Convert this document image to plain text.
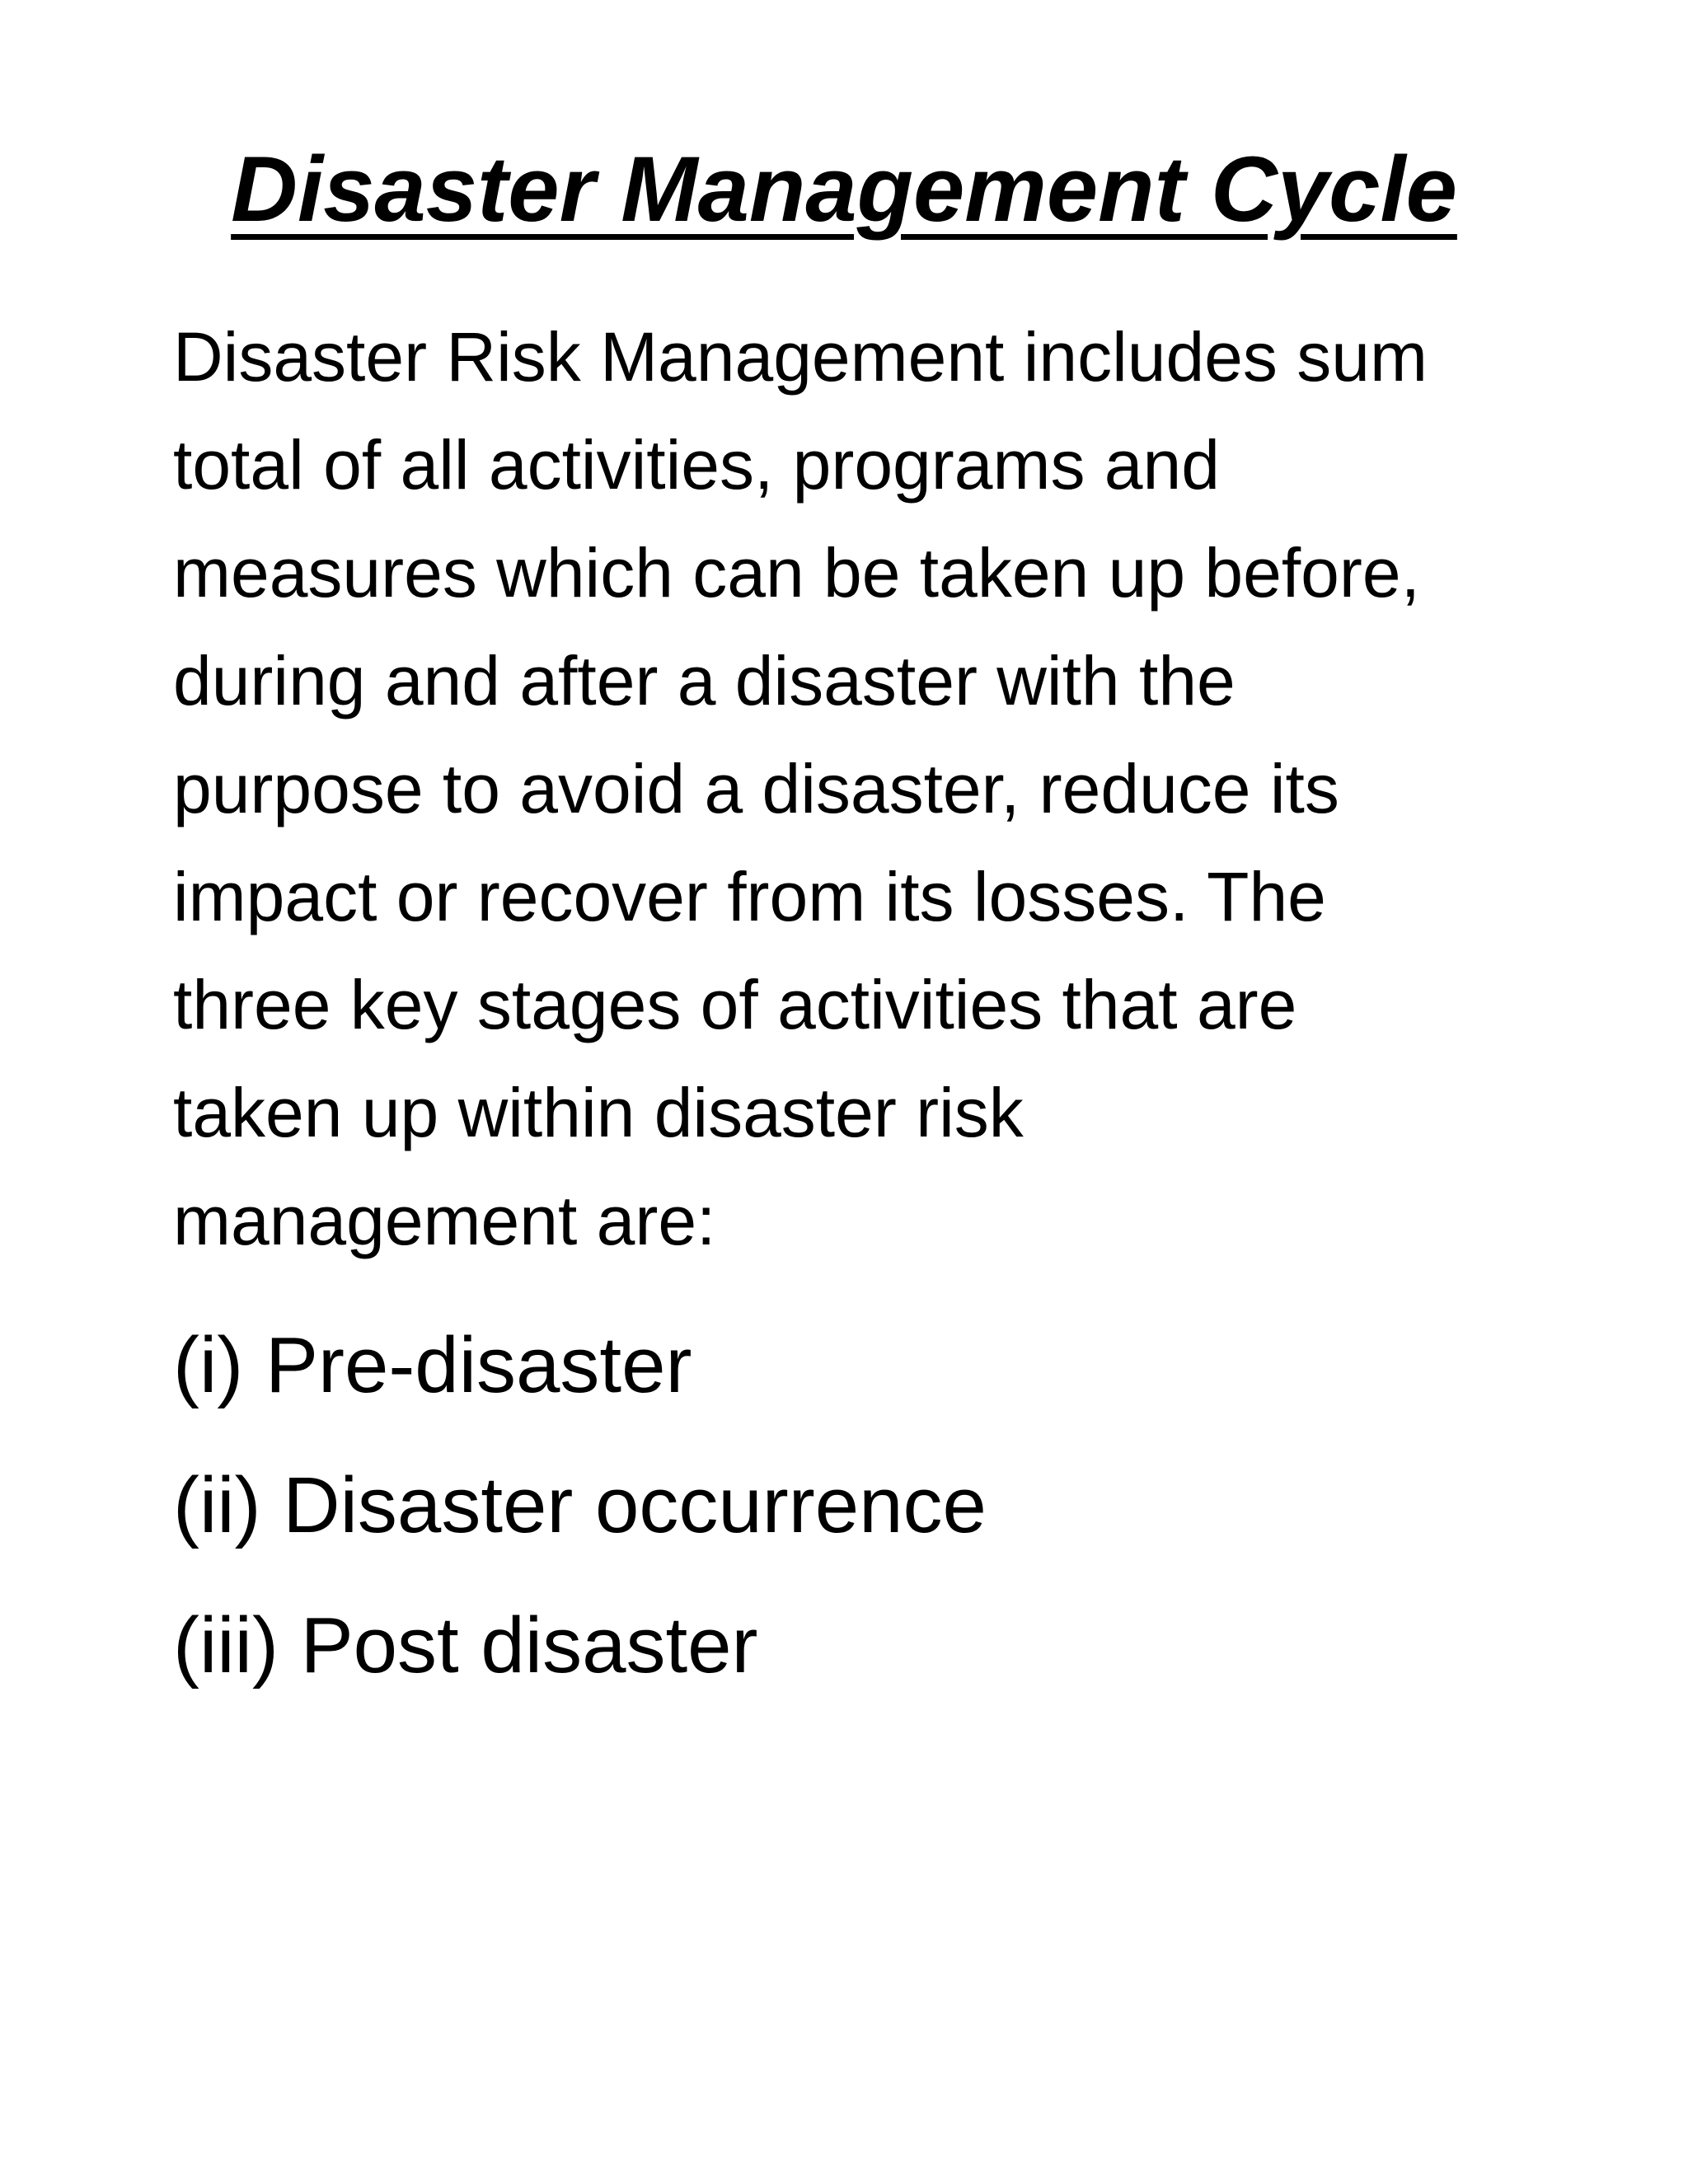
Disaster Management Cycle

Disaster Risk Management includes sum
total of all activities, programs and
measures which can be taken up before,
during and after a disaster with the
purpose to avoid a disaster, reduce its
impact or recover from its losses. The
three key stages of activities that are
taken up within disaster risk
management are:

(i) Pre-disaster
(ii) Disaster occurrence
(iii) Post disaster
